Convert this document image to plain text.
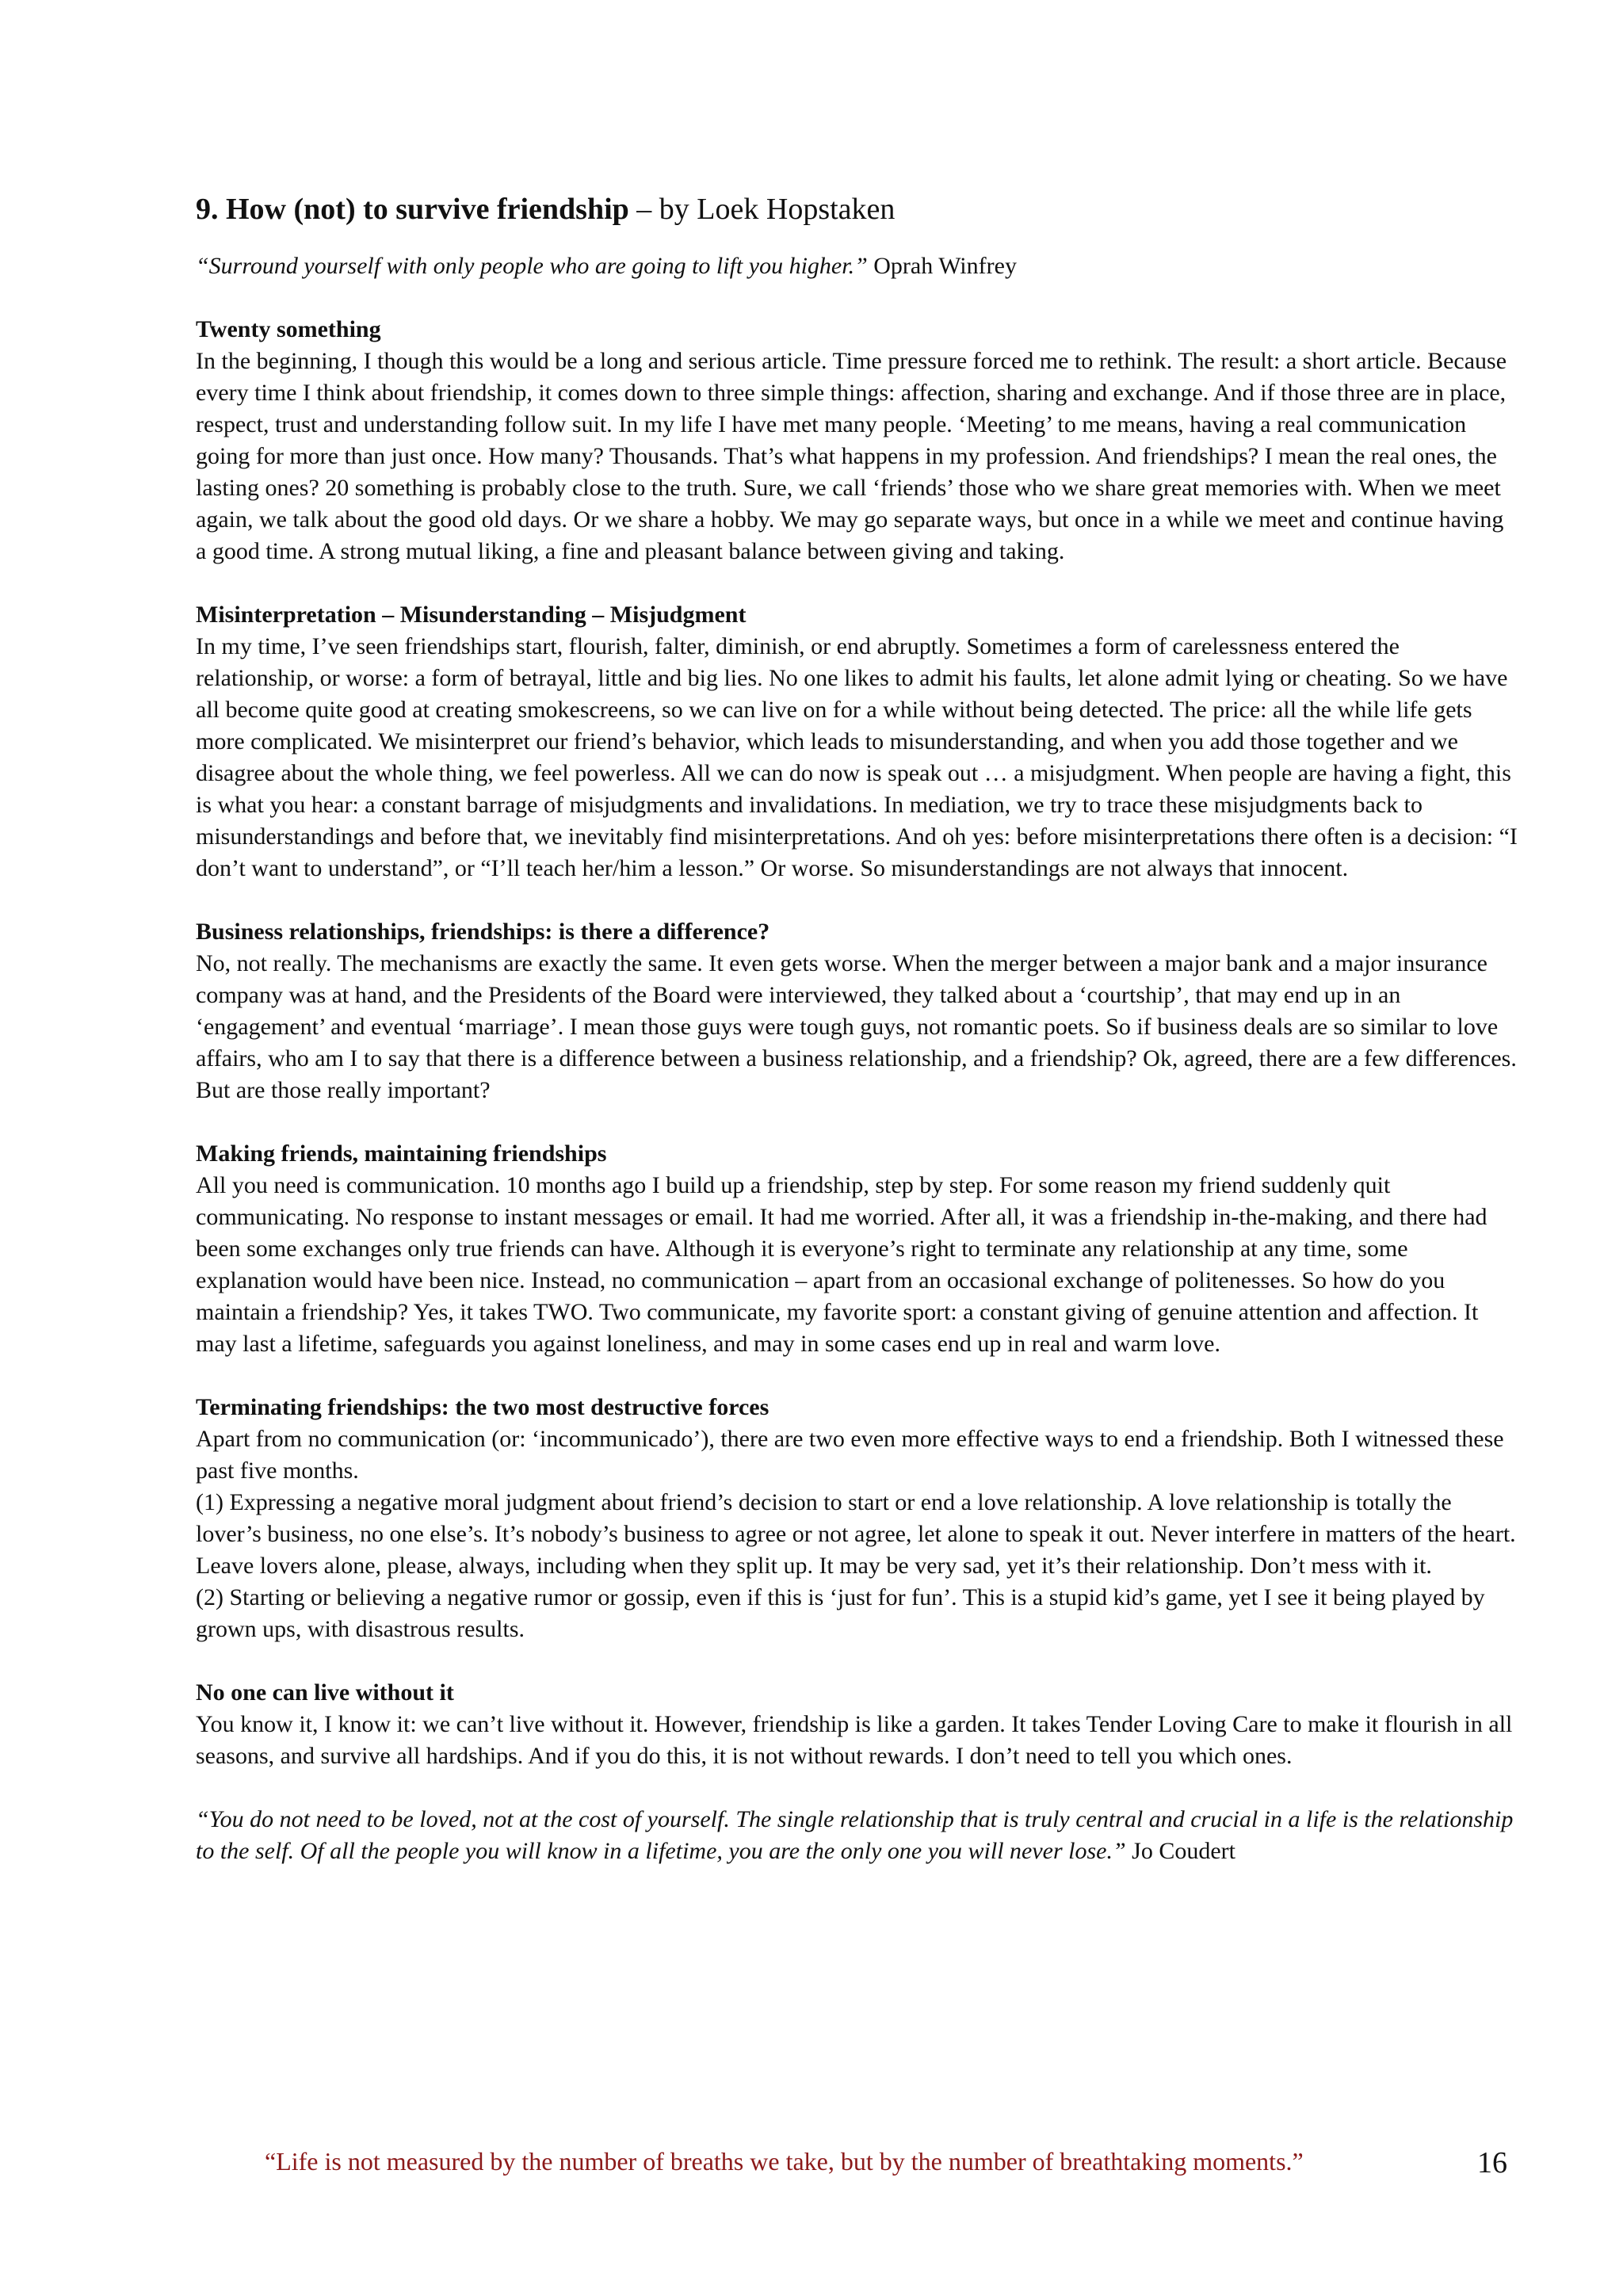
9. How (not) to survive friendship – by Loek Hopstaken

“Surround yourself with only people who are going to lift you higher.” Oprah Winfrey

Twenty something

In the beginning, I though this would be a long and serious article. Time pressure forced me to rethink. The result: a short article. Because every time I think about friendship, it comes down to three simple things: affection, sharing and exchange. And if those three are in place, respect, trust and understanding follow suit. In my life I have met many people. ‘Meeting’ to me means, having a real communication going for more than just once. How many? Thousands. That’s what happens in my profession. And friendships? I mean the real ones, the lasting ones? 20 something is probably close to the truth. Sure, we call ‘friends’ those who we share great memories with. When we meet again, we talk about the good old days. Or we share a hobby. We may go separate ways, but once in a while we meet and continue having a good time. A strong mutual liking, a fine and pleasant balance between giving and taking.

Misinterpretation – Misunderstanding – Misjudgment

In my time, I’ve seen friendships start, flourish, falter, diminish, or end abruptly. Sometimes a form of carelessness entered the relationship, or worse: a form of betrayal, little and big lies. No one likes to admit his faults, let alone admit lying or cheating. So we have all become quite good at creating smokescreens, so we can live on for a while without being detected. The price: all the while life gets more complicated. We misinterpret our friend’s behavior, which leads to misunderstanding, and when you add those together and we disagree about the whole thing, we feel powerless. All we can do now is speak out … a misjudgment. When people are having a fight, this is what you hear: a constant barrage of misjudgments and invalidations. In mediation, we try to trace these misjudgments back to misunderstandings and before that, we inevitably find misinterpretations. And oh yes: before misinterpretations there often is a decision: “I don’t want to understand”, or “I’ll teach her/him a lesson.” Or worse. So misunderstandings are not always that innocent.

Business relationships, friendships: is there a difference?

No, not really. The mechanisms are exactly the same. It even gets worse. When the merger between a major bank and a major insurance company was at hand, and the Presidents of the Board were interviewed, they talked about a ‘courtship’, that may end up in an ‘engagement’ and eventual ‘marriage’. I mean those guys were tough guys, not romantic poets. So if business deals are so similar to love affairs, who am I to say that there is a difference between a business relationship, and a friendship? Ok, agreed, there are a few differences. But are those really important?

Making friends, maintaining friendships

All you need is communication. 10 months ago I build up a friendship, step by step. For some reason my friend suddenly quit communicating. No response to instant messages or email. It had me worried. After all, it was a friendship in-the-making, and there had been some exchanges only true friends can have. Although it is everyone’s right to terminate any relationship at any time, some explanation would have been nice. Instead, no communication – apart from an occasional exchange of politenesses. So how do you maintain a friendship? Yes, it takes TWO. Two communicate, my favorite sport: a constant giving of genuine attention and affection. It may last a lifetime, safeguards you against loneliness, and may in some cases end up in real and warm love.

Terminating friendships: the two most destructive forces

Apart from no communication (or: ‘incommunicado’), there are two even more effective ways to end a friendship. Both I witnessed these past five months.

(1) Expressing a negative moral judgment about friend’s decision to start or end a love relationship. A love relationship is totally the lover’s business, no one else’s. It’s nobody’s business to agree or not agree, let alone to speak it out. Never interfere in matters of the heart. Leave lovers alone, please, always, including when they split up. It may be very sad, yet it’s their relationship. Don’t mess with it.

(2) Starting or believing a negative rumor or gossip, even if this is ‘just for fun’. This is a stupid kid’s game, yet I see it being played by grown ups, with disastrous results.

No one can live without it

You know it, I know it: we can’t live without it. However, friendship is like a garden. It takes Tender Loving Care to make it flourish in all seasons, and survive all hardships. And if you do this, it is not without rewards. I don’t need to tell you which ones.

“You do not need to be loved, not at the cost of yourself. The single relationship that is truly central and crucial in a life is the relationship to the self. Of all the people you will know in a lifetime, you are the only one you will never lose.” Jo Coudert

“Life is not measured by the number of breaths we take, but by the number of breathtaking moments.”	16
